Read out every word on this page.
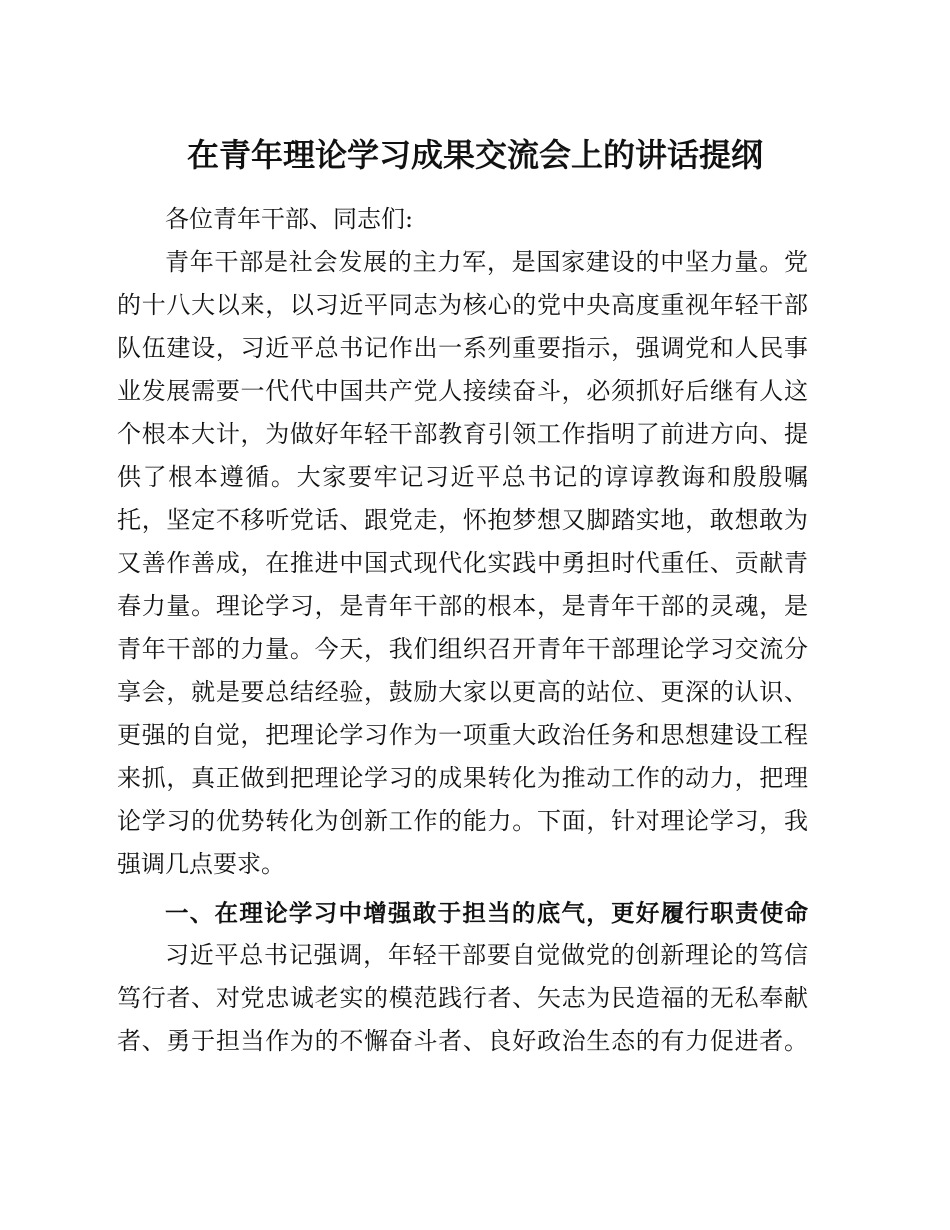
在青年理论学习成果交流会上的讲话提纲
各位青年干部、同志们:
青年干部是社会发展的主力军，是国家建设的中坚力量。党
的十八大以来，以习近平同志为核心的党中央高度重视年轻干部
队伍建设，习近平总书记作出一系列重要指示，强调党和人民事
业发展需要一代代中国共产党人接续奋斗，必须抓好后继有人这
个根本大计，为做好年轻干部教育引领工作指明了前进方向、提
供了根本遵循。大家要牢记习近平总书记的谆谆教诲和殷殷嘱
托，坚定不移听党话、跟党走，怀抱梦想又脚踏实地，敢想敢为
又善作善成，在推进中国式现代化实践中勇担时代重任、贡献青
春力量。理论学习，是青年干部的根本，是青年干部的灵魂，是
青年干部的力量。今天，我们组织召开青年干部理论学习交流分
享会，就是要总结经验，鼓励大家以更高的站位、更深的认识、
更强的自觉，把理论学习作为一项重大政治任务和思想建设工程
来抓，真正做到把理论学习的成果转化为推动工作的动力，把理
论学习的优势转化为创新工作的能力。下面，针对理论学习，我
强调几点要求。
一、在理论学习中增强敢于担当的底气，更好履行职责使命
习近平总书记强调，年轻干部要自觉做党的创新理论的笃信
笃行者、对党忠诚老实的模范践行者、矢志为民造福的无私奉献
者、勇于担当作为的不懈奋斗者、良好政治生态的有力促进者。
